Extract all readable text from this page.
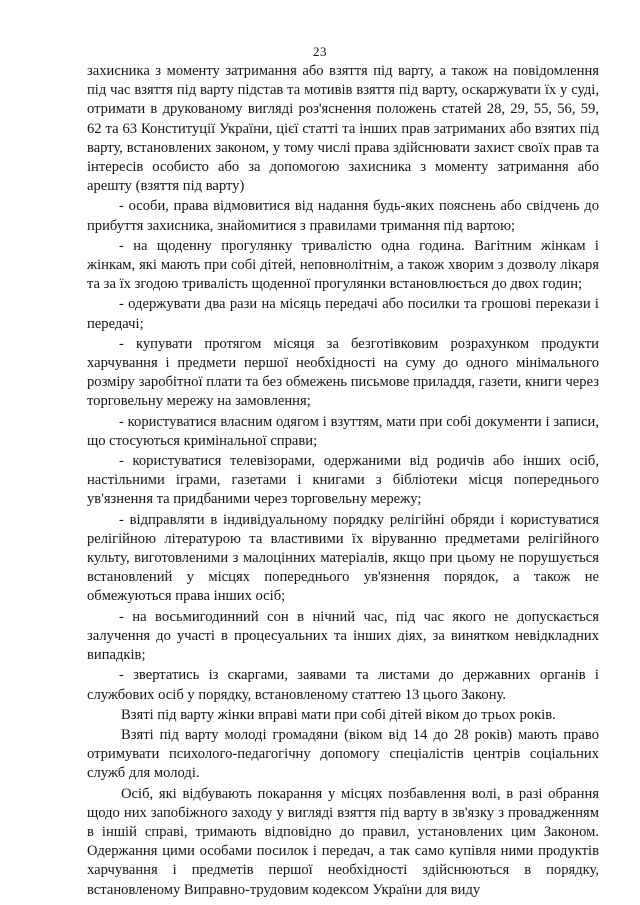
23

захисника з моменту затримання або взяття під варту, а також на повідомлення під час взяття під варту підстав та мотивів взяття під варту, оскаржувати їх у суді, отримати в друкованому вигляді роз'яснення положень статей 28, 29, 55, 56, 59, 62 та 63 Конституції України, цієї статті та інших прав затриманих або взятих під варту, встановлених законом, у тому числі права здійснювати захист своїх прав та інтересів особисто або за допомогою захисника з моменту затримання або арешту (взяття під варту)

- особи, права відмовитися від надання будь-яких пояснень або свідчень до прибуття захисника, знайомитися з правилами тримання під вартою;

- на щоденну прогулянку тривалістю одна година. Вагітним жінкам і жінкам, які мають при собі дітей, неповнолітнім, а також хворим з дозволу лікаря та за їх згодою тривалість щоденної прогулянки встановлюється до двох годин;

- одержувати два рази на місяць передачі або посилки та грошові перекази і передачі;

- купувати протягом місяця за безготівковим розрахунком продукти харчування і предмети першої необхідності на суму до одного мінімального розміру заробітної плати та без обмежень письмове приладдя, газети, книги через торговельну мережу на замовлення;

- користуватися власним одягом і взуттям, мати при собі документи і записи, що стосуються кримінальної справи;

- користуватися телевізорами, одержаними від родичів або інших осіб, настільними іграми, газетами і книгами з бібліотеки місця попереднього ув'язнення та придбаними через торговельну мережу;

- відправляти в індивідуальному порядку релігійні обряди і користуватися релігійною літературою та властивими їх віруванню предметами релігійного культу, виготовленими з малоцінних матеріалів, якщо при цьому не порушується встановлений у місцях попереднього ув'язнення порядок, а також не обмежуються права інших осіб;

- на восьмигодинний сон в нічний час, під час якого не допускається залучення до участі в процесуальних та інших діях, за винятком невідкладних випадків;

- звертатись із скаргами, заявами та листами до державних органів і службових осіб у порядку, встановленому статтею 13 цього Закону.

Взяті під варту жінки вправі мати при собі дітей віком до трьох років.

Взяті під варту молоді громадяни (віком від 14 до 28 років) мають право отримувати психолого-педагогічну допомогу спеціалістів центрів соціальних служб для молоді.

Осіб, які відбувають покарання у місцях позбавлення волі, в разі обрання щодо них запобіжного заходу у вигляді взяття під варту в зв'язку з провадженням в іншій справі, тримають відповідно до правил, установлених цим Законом. Одержання цими особами посилок і передач, а так само купівля ними продуктів харчування і предметів першої необхідності здійснюються в порядку, встановленому Виправно-трудовим кодексом України для виду
